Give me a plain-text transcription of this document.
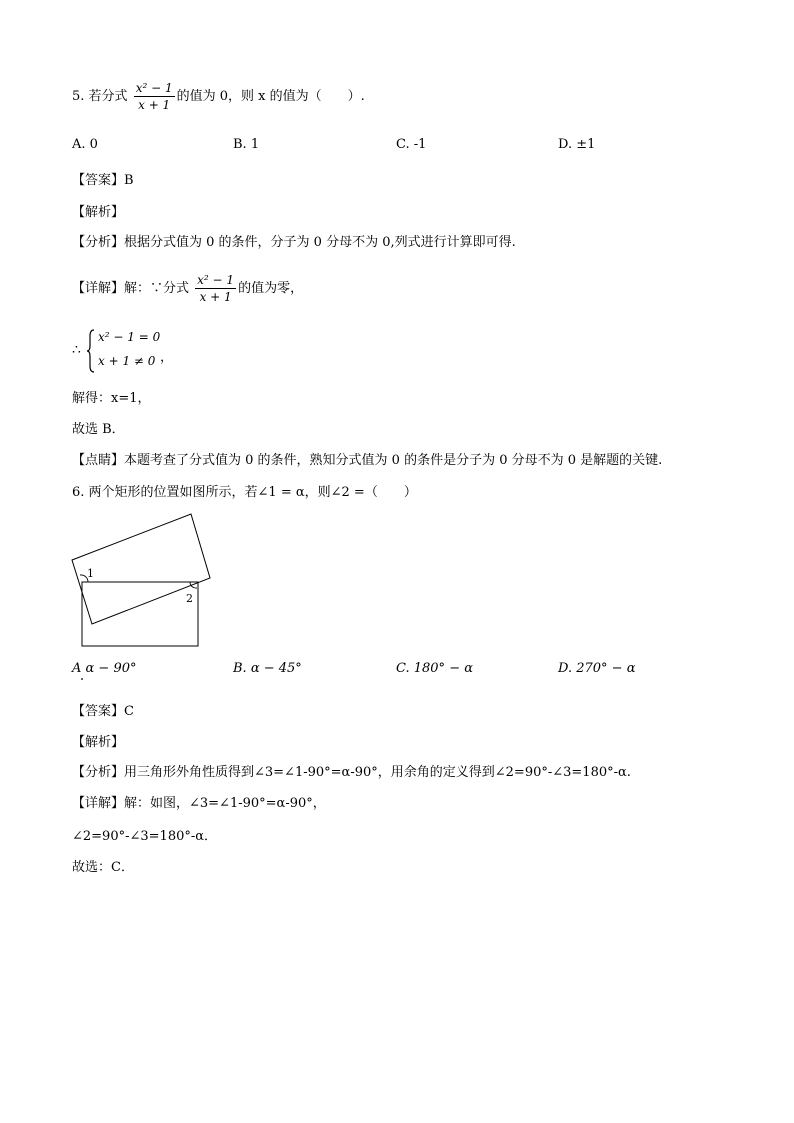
5. 若分式 $\frac{\text{x² − 1}}{x + 1}$ 的值为 0，则 x 的值为（　　）.
A. 0	B. 1	C. -1	D. ±1
【答案】B
【解析】
【分析】根据分式值为 0 的条件，分子为 0 分母不为 0,列式进行计算即可得.
【详解】解：∵分式 $\frac{\text{x² − 1}}{x + 1}$ 的值为零，
∴
x² − 1 = 0
x + 1 ≠ 0 ，
解得：x=1，
故选 B．
【点睛】本题考查了分式值为 0 的条件，熟知分式值为 0 的条件是分子为 0 分母不为 0 是解题的关键.
6. 两个矩形的位置如图所示，若∠1 = α，则∠2 =（　　）
1
2
A α − 90°	B. α − 45°	C. 180° − α	D. 270° − α
【答案】C
【解析】
【分析】用三角形外角性质得到∠3=∠1-90°=α-90°，用余角的定义得到∠2=90°-∠3=180°-α.
【详解】解：如图，∠3=∠1-90°=α-90°，
∠2=90°-∠3=180°-α．
故选：C．
